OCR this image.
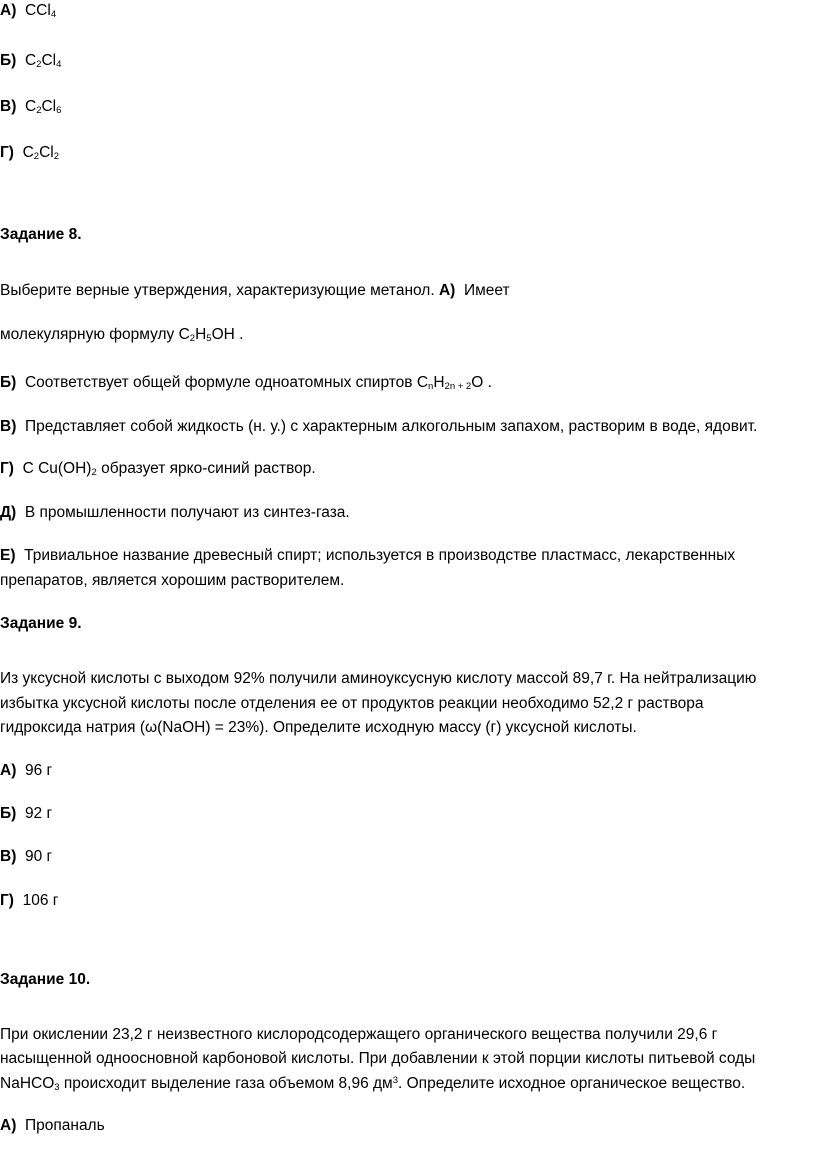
А) CCl$_4$
Б) $C_2Cl_4$
В) $C_2Cl_6$
Г) $C_2Cl_2$
Задание 8.
Выберите верные утверждения, характеризующие метанол. А) Имеет
молекулярную формулу $C_2H_5OH$ .
Б) Соответствует общей формуле одноатомных спиртов $C_nH_{2n + 2}O$ .
В) Представляет собой жидкость (н. у.) с характерным алкогольным запахом, растворим в воде, ядовит.
Г) С $Cu(OH)_2$ образует ярко-синий раствор.
Д) В промышленности получают из синтез-газа.
Е) Тривиальное название древесный спирт; используется в производстве пластмасс, лекарственных
препаратов, является хорошим растворителем.
Задание 9.
Из уксусной кислоты с выходом 92% получили аминоуксусную кислоту массой 89,7 г. На нейтрализацию
избытка уксусной кислоты после отделения ее от продуктов реакции необходимо 52,2 г раствора
гидроксида натрия (ω(NaOH) = 23%). Определите исходную массу (г) уксусной кислоты.
А) 96 г
Б) 92 г
В) 90 г
Г) 106 г
Задание 10.
При окислении 23,2 г неизвестного кислородсодержащего органического вещества получили 29,6 г
насыщенной одноосновной карбоновой кислоты. При добавлении к этой порции кислоты питьевой соды
NaHCO$_3$ происходит выделение газа объемом 8,96 $дм^3$. Определите исходное органическое вещество.
А) Пропаналь
